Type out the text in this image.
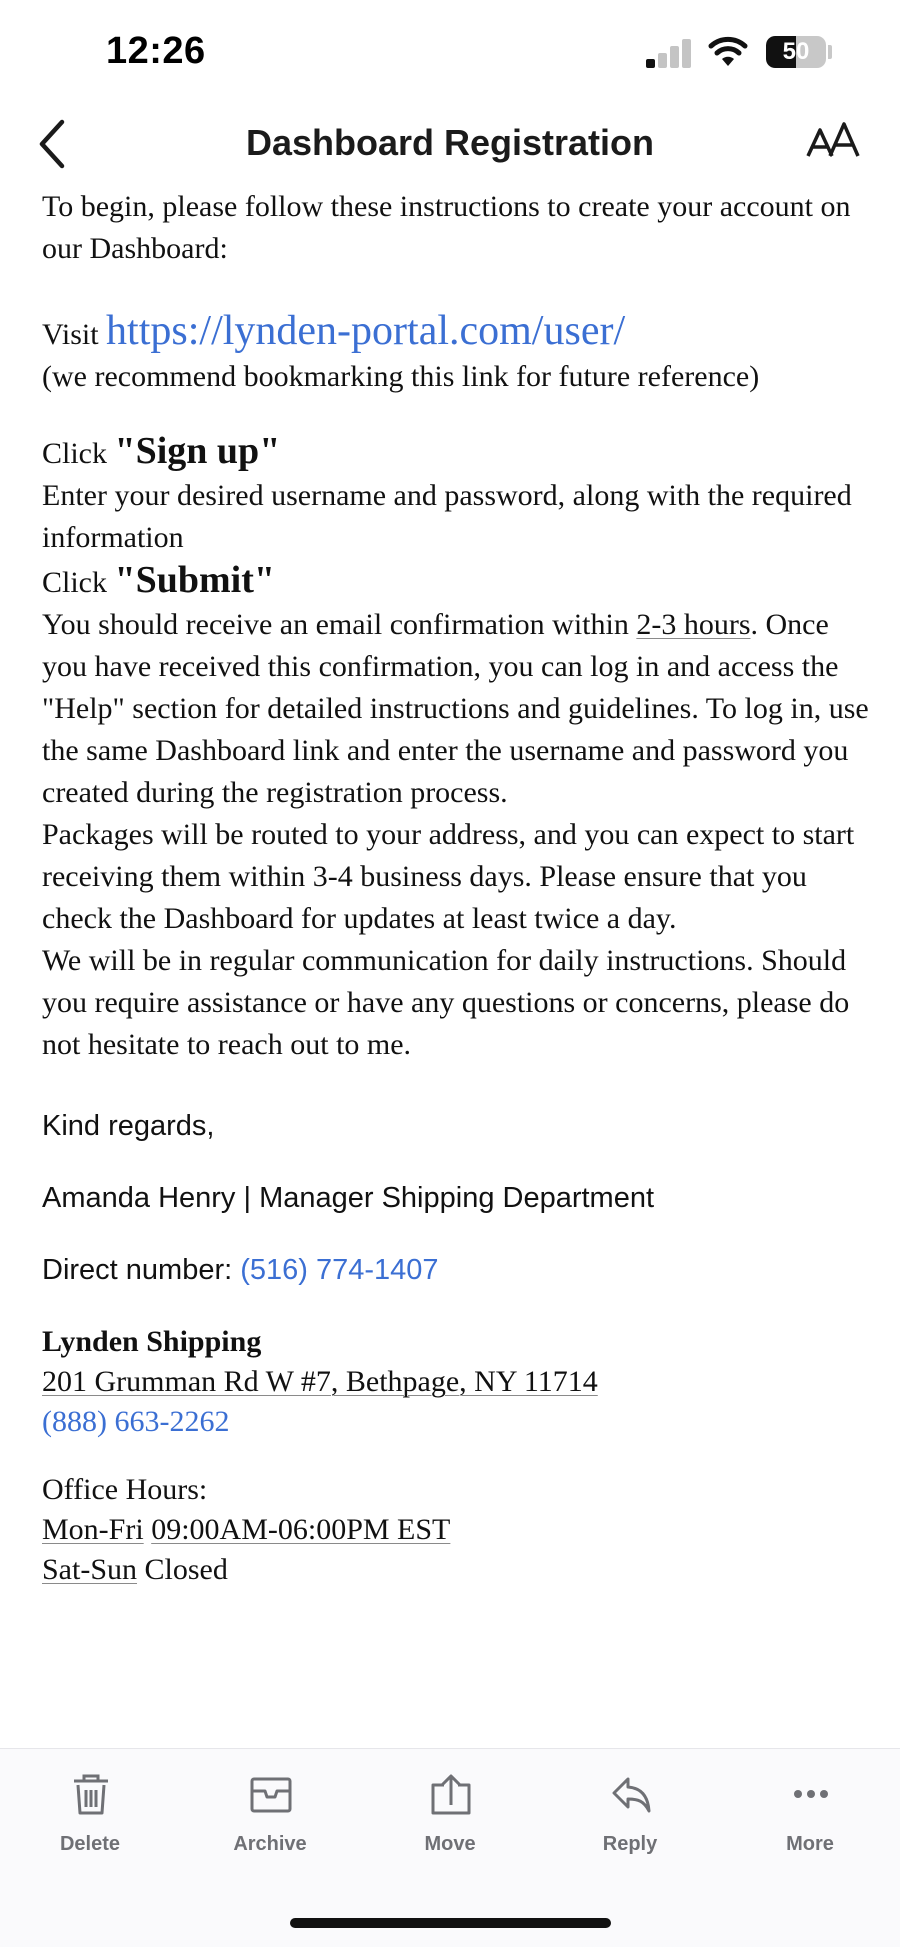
12:26	50
Dashboard Registration
To begin, please follow these instructions to create your account on our Dashboard:
Visit https://lynden-portal.com/user/
(we recommend bookmarking this link for future reference)
Click "Sign up"
Enter your desired username and password, along with the required information
Click "Submit"
You should receive an email confirmation within 2-3 hours. Once you have received this confirmation, you can log in and access the "Help" section for detailed instructions and guidelines. To log in, use the same Dashboard link and enter the username and password you created during the registration process.
Packages will be routed to your address, and you can expect to start receiving them within 3-4 business days. Please ensure that you check the Dashboard for updates at least twice a day.
We will be in regular communication for daily instructions. Should you require assistance or have any questions or concerns, please do not hesitate to reach out to me.
Kind regards,
Amanda Henry | Manager Shipping Department
Direct number: (516) 774-1407
Lynden Shipping
201 Grumman Rd W #7, Bethpage, NY 11714
(888) 663-2262
Office Hours:
Mon-Fri 09:00AM-06:00PM EST
Sat-Sun Closed
Delete	Archive	Move	Reply	More
